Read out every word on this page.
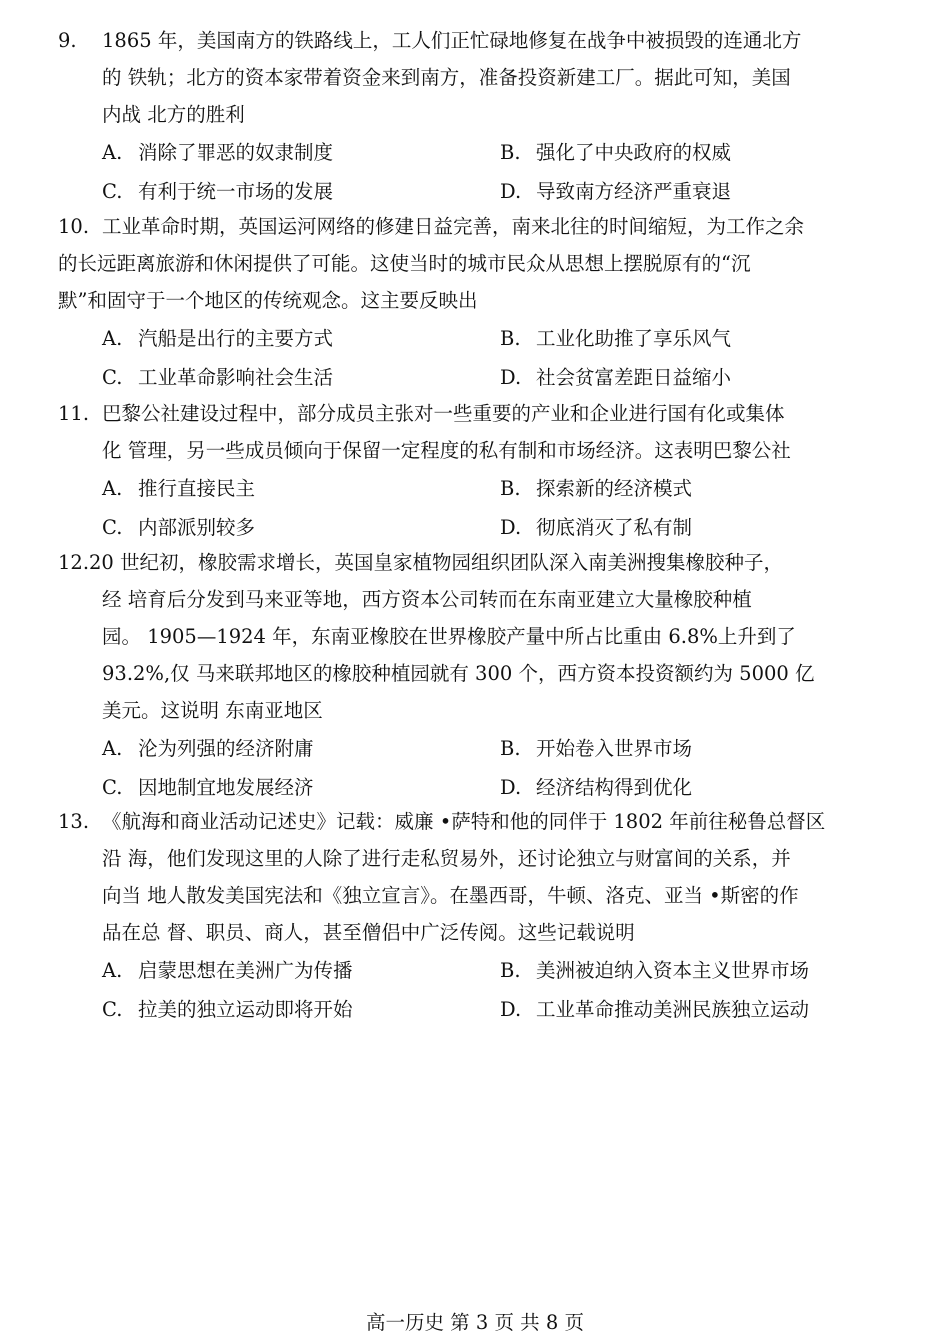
9. 1865 年，美国南方的铁路线上，工人们正忙碌地修复在战争中被损毁的连通北方
的 铁轨；北方的资本家带着资金来到南方，准备投资新建工厂。据此可知，美国
内战 北方的胜利
A. 消除了罪恶的奴隶制度	B. 强化了中央政府的权威
C. 有利于统一市场的发展	D. 导致南方经济严重衰退
10. 工业革命时期，英国运河网络的修建日益完善，南来北往的时间缩短，为工作之余
的长远距离旅游和休闲提供了可能。这使当时的城市民众从思想上摆脱原有的“沉
默”和固守于一个地区的传统观念。这主要反映出
A. 汽船是出行的主要方式	B. 工业化助推了享乐风气
C. 工业革命影响社会生活	D. 社会贫富差距日益缩小
11. 巴黎公社建设过程中，部分成员主张对一些重要的产业和企业进行国有化或集体
化 管理，另一些成员倾向于保留一定程度的私有制和市场经济。这表明巴黎公社
A. 推行直接民主	B. 探索新的经济模式
C. 内部派别较多	D. 彻底消灭了私有制
12.20 世纪初，橡胶需求增长，英国皇家植物园组织团队深入南美洲搜集橡胶种子，
经 培育后分发到马来亚等地，西方资本公司转而在东南亚建立大量橡胶种植
园。 1905—1924 年，东南亚橡胶在世界橡胶产量中所占比重由 6.8%上升到了
93.2%,仅 马来联邦地区的橡胶种植园就有 300 个，西方资本投资额约为 5000 亿
美元。这说明 东南亚地区
A. 沦为列强的经济附庸	B. 开始卷入世界市场
C. 因地制宜地发展经济	D. 经济结构得到优化
13. 《航海和商业活动记述史》记载：威廉 •萨特和他的同伴于 1802 年前往秘鲁总督区
沿 海，他们发现这里的人除了进行走私贸易外，还讨论独立与财富间的关系，并
向当 地人散发美国宪法和《独立宣言》。在墨西哥，牛顿、洛克、亚当 •斯密的作
品在总 督、职员、商人，甚至僧侣中广泛传阅。这些记载说明
A. 启蒙思想在美洲广为传播	B. 美洲被迫纳入资本主义世界市场
C. 拉美的独立运动即将开始	D. 工业革命推动美洲民族独立运动
高一历史 第 3 页 共 8 页
